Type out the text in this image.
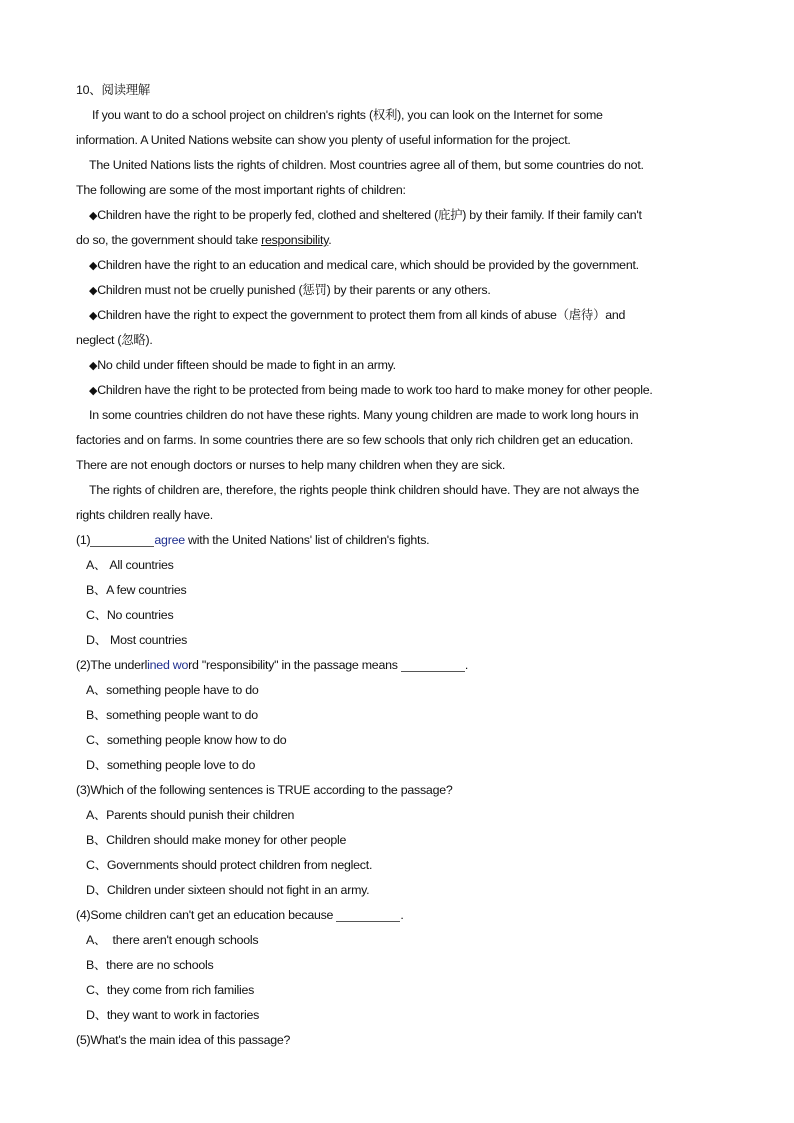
10、阅读理解
If you want to do a school project on children's rights (权利), you can look on the Internet for some
information. A United Nations website can show you plenty of useful information for the project.
The United Nations lists the rights of children. Most countries agree all of them, but some countries do not.
The following are some of the most important rights of children:
◆Children have the right to be properly fed, clothed and sheltered (庇护) by their family. If their family can't
do so, the government should take responsibility.
◆Children have the right to an education and medical care, which should be provided by the government.
◆Children must not be cruelly punished (惩罚) by their parents or any others.
◆Children have the right to expect the government to protect them from all kinds of abuse（虐待）and
neglect (忽略).
◆No child under fifteen should be made to fight in an army.
◆Children have the right to be protected from being made to work too hard to make money for other people.
In some countries children do not have these rights. Many young children are made to work long hours in
factories and on farms. In some countries there are so few schools that only rich children get an education.
There are not enough doctors or nurses to help many children when they are sick.
The rights of children are, therefore, the rights people think children should have. They are not always the
rights children really have.
(1)	agree with the United Nations' list of children's fights.
A、 All countries
B、A few countries
C、No countries
D、 Most countries
(2)The underlined word "responsibility" in the passage means	.
A、something people have to do
B、something people want to do
C、something people know how to do
D、something people love to do
(3)Which of the following sentences is TRUE according to the passage?
A、Parents should punish their children
B、Children should make money for other people
C、Governments should protect children from neglect.
D、Children under sixteen should not fight in an army.
(4)Some children can't get an education because	.
A、  there aren't enough schools
B、there are no schools
C、they come from rich families
D、they want to work in factories
(5)What's the main idea of this passage?
